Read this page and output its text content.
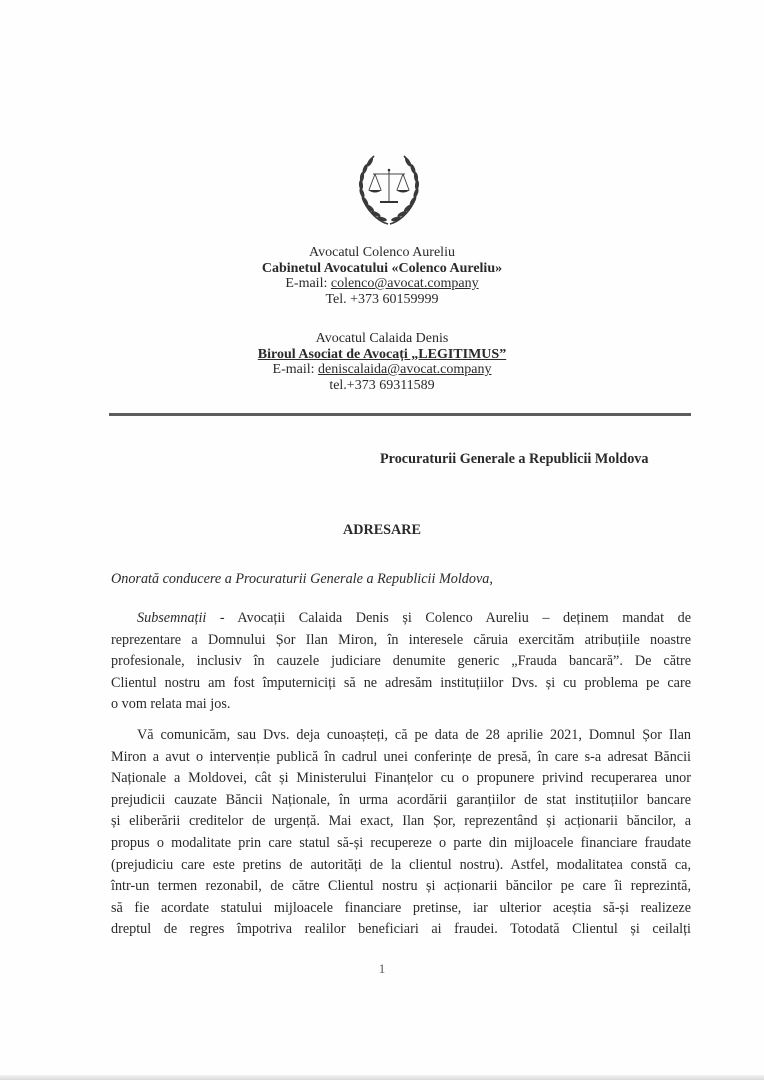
Avocatul Colenco Aureliu
Cabinetul Avocatului «Colenco Aureliu»
E-mail: colenco@avocat.company
Tel. +373 60159999
Avocatul Calaida Denis
Biroul Asociat de Avocați „LEGITIMUS”
E-mail: deniscalaida@avocat.company
tel.+373 69311589
Procuraturii Generale a Republicii Moldova
ADRESARE
Onorată conducere a Procuraturii Generale a Republicii Moldova,
Subsemnații - Avocații Calaida Denis și Colenco Aureliu – deținem mandat de
reprezentare a Domnului Șor Ilan Miron, în interesele căruia exercităm atribuțiile noastre
profesionale, inclusiv în cauzele judiciare denumite generic „Frauda bancară”. De către
Clientul nostru am fost împuterniciți să ne adresăm instituțiilor Dvs. și cu problema pe care
o vom relata mai jos.
Vă comunicăm, sau Dvs. deja cunoașteți, că pe data de 28 aprilie 2021, Domnul Șor Ilan
Miron a avut o intervenție publică în cadrul unei conferințe de presă, în care s-a adresat Băncii
Naționale a Moldovei, cât și Ministerului Finanțelor cu o propunere privind recuperarea unor
prejudicii cauzate Băncii Naționale, în urma acordării garanțiilor de stat instituțiilor bancare
și eliberării creditelor de urgență. Mai exact, Ilan Șor, reprezentând și acționarii băncilor, a
propus o modalitate prin care statul să-și recupereze o parte din mijloacele financiare fraudate
(prejudiciu care este pretins de autorități de la clientul nostru). Astfel, modalitatea constă ca,
într-un termen rezonabil, de către Clientul nostru și acționarii băncilor pe care îi reprezintă,
să fie acordate statului mijloacele financiare pretinse, iar ulterior aceștia să-și realizeze
dreptul de regres împotriva realilor beneficiari ai fraudei. Totodată Clientul și ceilalți
1
